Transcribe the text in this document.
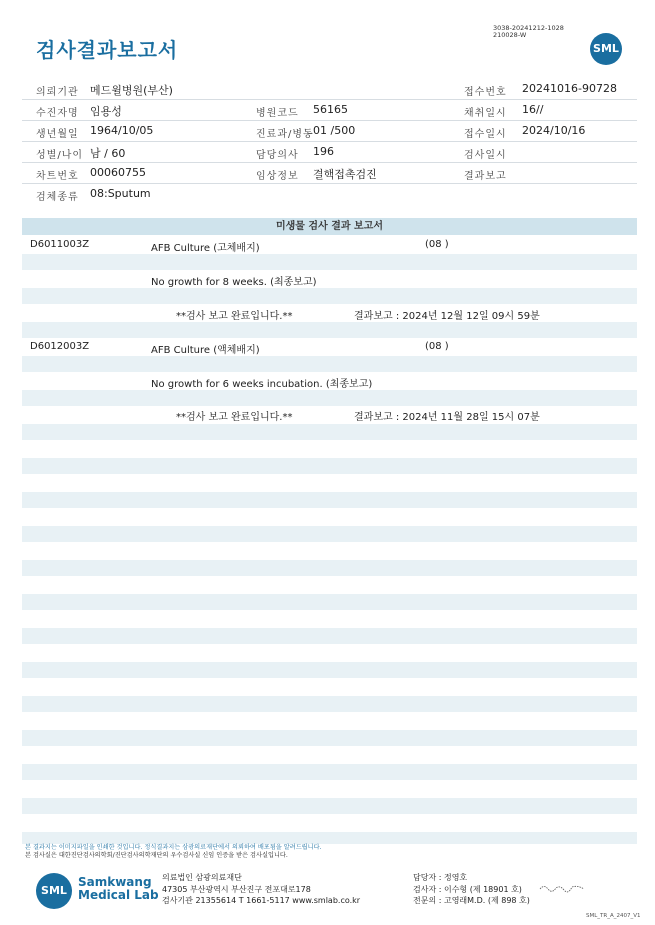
검사결과보고서
3038-20241212-1028
210028-W
SML
의뢰기관 메드윌병원(부산)	접수번호 20241016-90728
수진자명 임용성	병원코드 56165	채취일시 16//
생년월일 1964/10/05	진료과/병동 01 /500	접수일시 2024/10/16
성별/나이 남 / 60	담당의사 196	검사일시
차트번호 00060755	임상정보 결핵접촉검진	결과보고
검체종류 08:Sputum
미생물 검사 결과 보고서
D6011003Z	AFB Culture (고체배지)	(08 )
No growth for 8 weeks. (최종보고)
**검사 보고 완료입니다.**	결과보고 : 2024년 12월 12일 09시 59분
D6012003Z	AFB Culture (액체배지)	(08 )
No growth for 6 weeks incubation. (최종보고)
**검사 보고 완료입니다.**	결과보고 : 2024년 11월 28일 15시 07분
본 결과지는 이미지파일을 인쇄한 것입니다. 정식결과지는 삼광의료재단에서 의뢰하여 배포됨을 알려드립니다.
본 검사실은 대한진단검사의학회/진단검사의학재단의 우수검사실 신임 인증을 받은 검사실입니다.
SML
Samkwang
Medical Lab
의료법인 삼광의료재단
47305 부산광역시 부산진구 전포대로178
검사기관 21355614 T 1661-5117 www.smlab.co.kr
담당자 : 정영호
검사자 : 이수형 (제 18901 호)
전문의 : 고영래M.D. (제 898 호)
SML_TR_A_2407_V1
